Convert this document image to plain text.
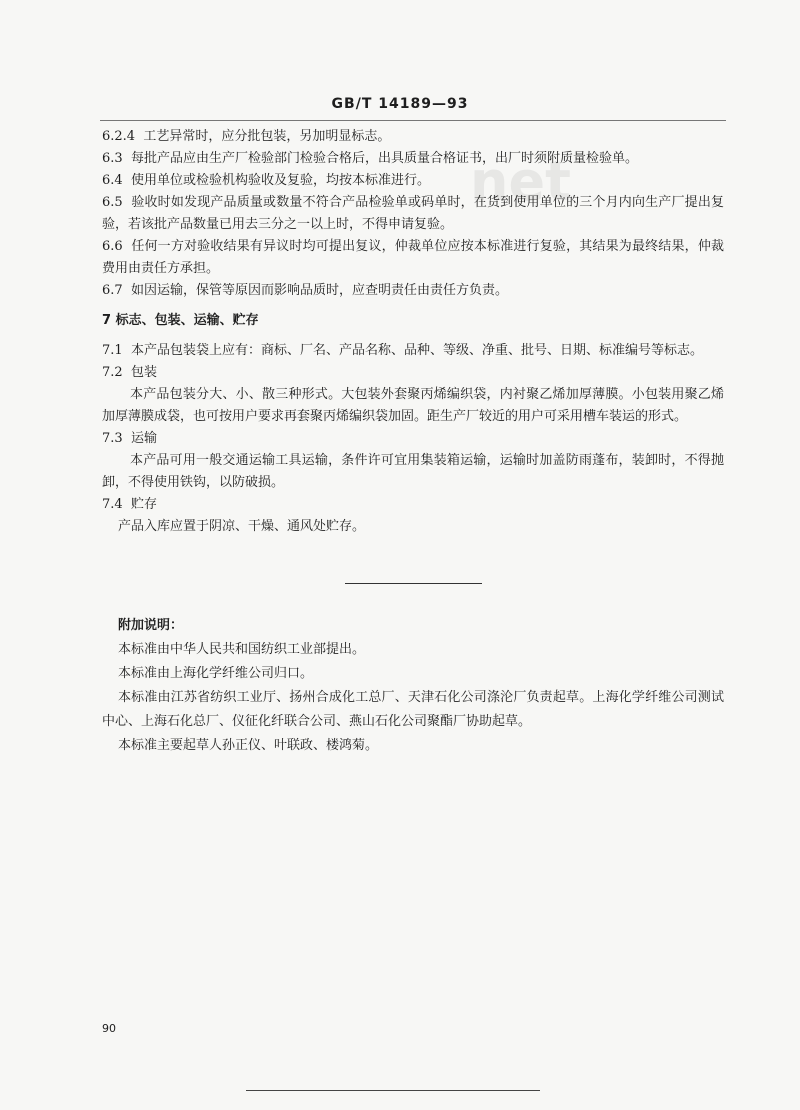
net
GB/T 14189—93

6.2.4 工艺异常时，应分批包装，另加明显标志。

6.3 每批产品应由生产厂检验部门检验合格后，出具质量合格证书，出厂时须附质量检验单。

6.4 使用单位或检验机构验收及复验，均按本标准进行。

6.5 验收时如发现产品质量或数量不符合产品检验单或码单时，在货到使用单位的三个月内向生产厂提出复验，若该批产品数量已用去三分之一以上时，不得申请复验。

6.6 任何一方对验收结果有异议时均可提出复议，仲裁单位应按本标准进行复验，其结果为最终结果，仲裁费用由责任方承担。

6.7 如因运输，保管等原因而影响品质时，应查明责任由责任方负责。

7 标志、包装、运输、贮存

7.1 本产品包装袋上应有：商标、厂名、产品名称、品种、等级、净重、批号、日期、标准编号等标志。

7.2 包装

本产品包装分大、小、散三种形式。大包装外套聚丙烯编织袋，内衬聚乙烯加厚薄膜。小包装用聚乙烯加厚薄膜成袋，也可按用户要求再套聚丙烯编织袋加固。距生产厂较近的用户可采用槽车装运的形式。

7.3 运输

本产品可用一般交通运输工具运输，条件许可宜用集装箱运输，运输时加盖防雨蓬布，装卸时，不得抛卸，不得使用铁钩，以防破损。

7.4 贮存

产品入库应置于阴凉、干燥、通风处贮存。

附加说明：

本标准由中华人民共和国纺织工业部提出。

本标准由上海化学纤维公司归口。

本标准由江苏省纺织工业厅、扬州合成化工总厂、天津石化公司涤沦厂负责起草。上海化学纤维公司测试中心、上海石化总厂、仪征化纤联合公司、燕山石化公司聚酯厂协助起草。

本标准主要起草人孙正仪、叶联政、楼鸿菊。

90
